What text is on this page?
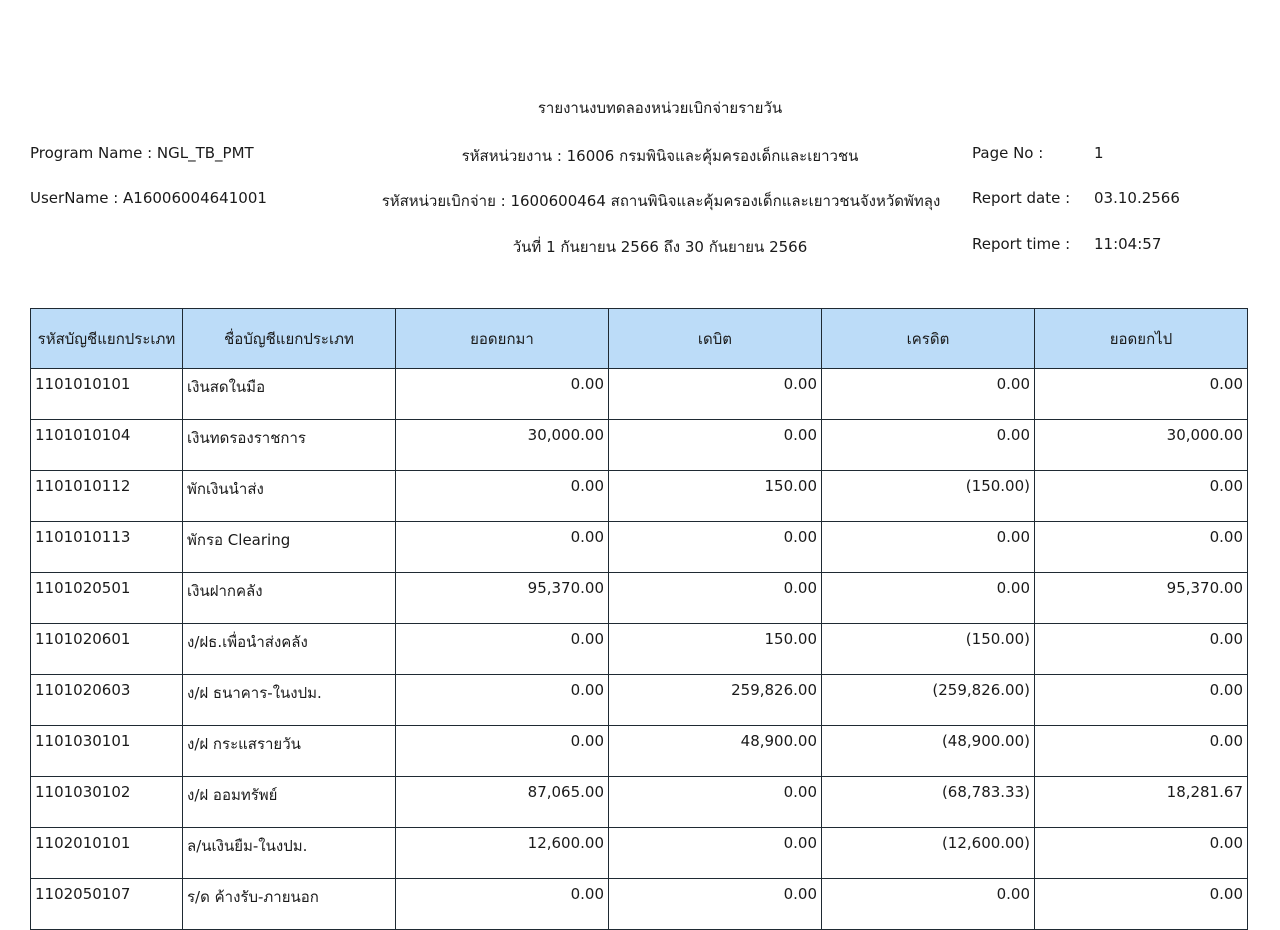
รายงานงบทดลองหน่วยเบิกจ่ายรายวัน
Program Name : NGL_TB_PMT
UserName : A16006004641001
รหัสหน่วยงาน : 16006 กรมพินิจและคุ้มครองเด็กและเยาวชน
รหัสหน่วยเบิกจ่าย : 1600600464 สถานพินิจและคุ้มครองเด็กและเยาวชนจังหวัดพัทลุง
วันที่ 1 กันยายน 2566 ถึง 30 กันยายน 2566
Page No :	1
Report date : 03.10.2566
Report time : 11:04:57
รหัสบัญชีแยกประเภท	ชื่อบัญชีแยกประเภท	ยอดยกมา	เดบิต	เครดิต	ยอดยกไป
1101010101	เงินสดในมือ	0.00	0.00	0.00	0.00
1101010104	เงินทดรองราชการ	30,000.00	0.00	0.00	30,000.00
1101010112	พักเงินนำส่ง	0.00	150.00	(150.00)	0.00
1101010113	พักรอ Clearing	0.00	0.00	0.00	0.00
1101020501	เงินฝากคลัง	95,370.00	0.00	0.00	95,370.00
1101020601	ง/ฝธ.เพื่อนำส่งคลัง	0.00	150.00	(150.00)	0.00
1101020603	ง/ฝ ธนาคาร-ในงปม.	0.00	259,826.00	(259,826.00)	0.00
1101030101	ง/ฝ กระแสรายวัน	0.00	48,900.00	(48,900.00)	0.00
1101030102	ง/ฝ ออมทรัพย์	87,065.00	0.00	(68,783.33)	18,281.67
1102010101	ล/นเงินยืม-ในงปม.	12,600.00	0.00	(12,600.00)	0.00
1102050107	ร/ด ค้างรับ-ภายนอก	0.00	0.00	0.00	0.00
